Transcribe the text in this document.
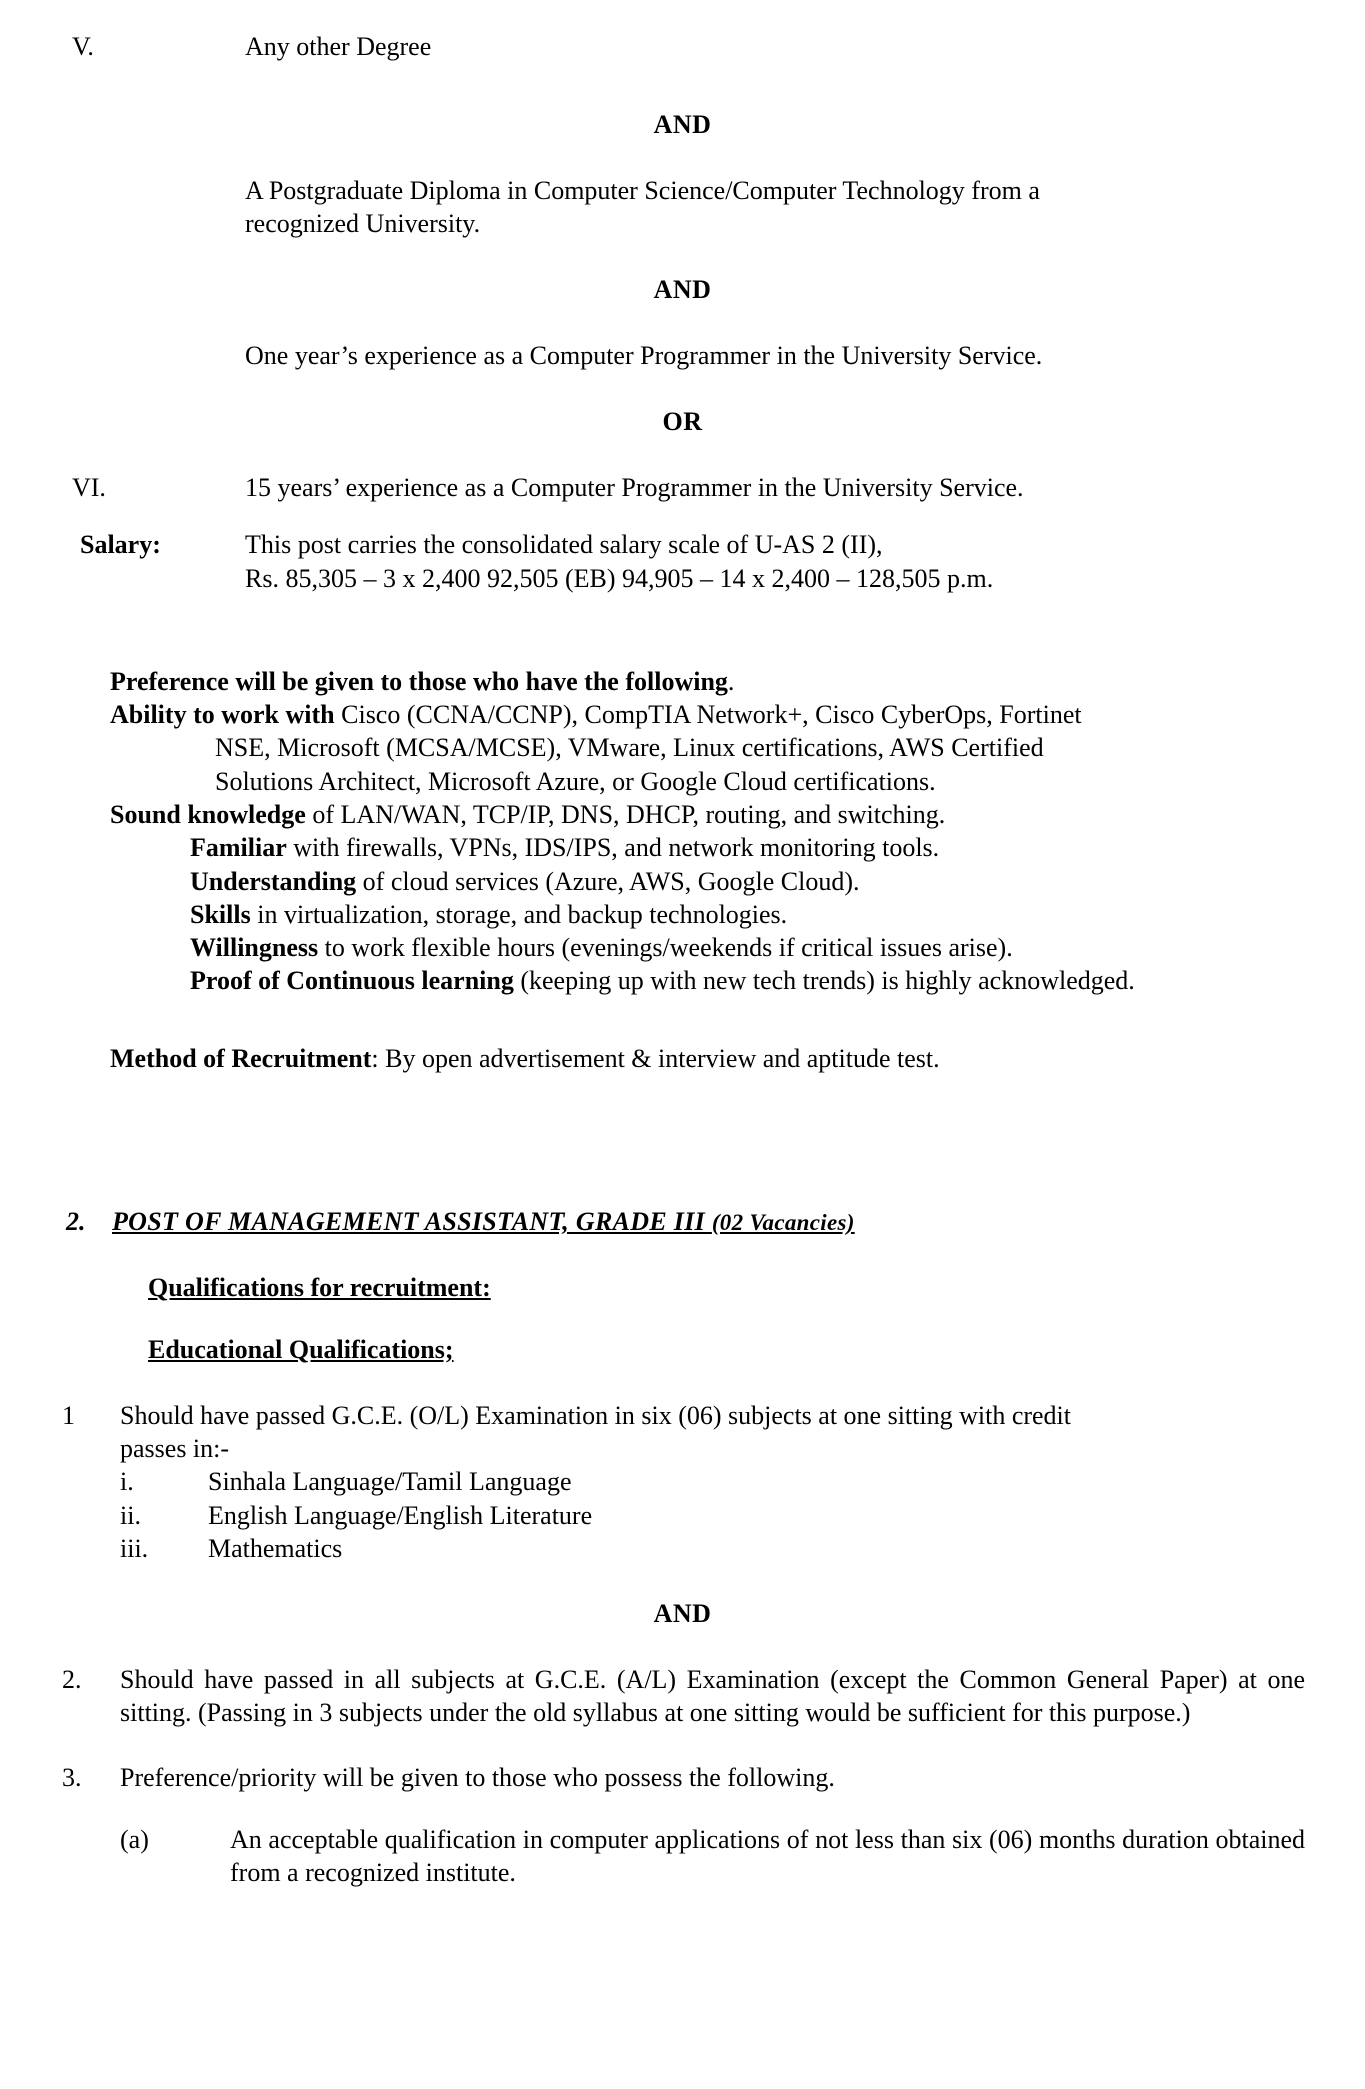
V.	Any other Degree
AND
A Postgraduate Diploma in Computer Science/Computer Technology from a recognized University.
AND
One year’s experience as a Computer Programmer in the University Service.
OR
VI.	15 years’ experience as a Computer Programmer in the University Service.
Salary:	This post carries the consolidated salary scale of U-AS 2 (II),
Rs. 85,305 – 3 x 2,400 92,505 (EB) 94,905 – 14 x 2,400 – 128,505 p.m.
Preference will be given to those who have the following.
Ability to work with Cisco (CCNA/CCNP), CompTIA Network+, Cisco CyberOps, Fortinet
NSE, Microsoft (MCSA/MCSE), VMware, Linux certifications, AWS Certified
Solutions Architect, Microsoft Azure, or Google Cloud certifications.
Sound knowledge of LAN/WAN, TCP/IP, DNS, DHCP, routing, and switching.
Familiar with firewalls, VPNs, IDS/IPS, and network monitoring tools.
Understanding of cloud services (Azure, AWS, Google Cloud).
Skills in virtualization, storage, and backup technologies.
Willingness to work flexible hours (evenings/weekends if critical issues arise).
Proof of Continuous learning (keeping up with new tech trends) is highly acknowledged.
Method of Recruitment: By open advertisement & interview and aptitude test.
2.	POST OF MANAGEMENT ASSISTANT, GRADE III (02 Vacancies)
Qualifications for recruitment:
Educational Qualifications;
1	Should have passed G.C.E. (O/L) Examination in six (06) subjects at one sitting with credit
passes in:-
i.	Sinhala Language/Tamil Language
ii.	English Language/English Literature
iii.	Mathematics
AND
2.	Should have passed in all subjects at G.C.E. (A/L) Examination (except the Common General Paper) at one sitting. (Passing in 3 subjects under the old syllabus at one sitting would be sufficient for this purpose.)
3.	Preference/priority will be given to those who possess the following.
(a)	An acceptable qualification in computer applications of not less than six (06) months duration obtained from a recognized institute.
